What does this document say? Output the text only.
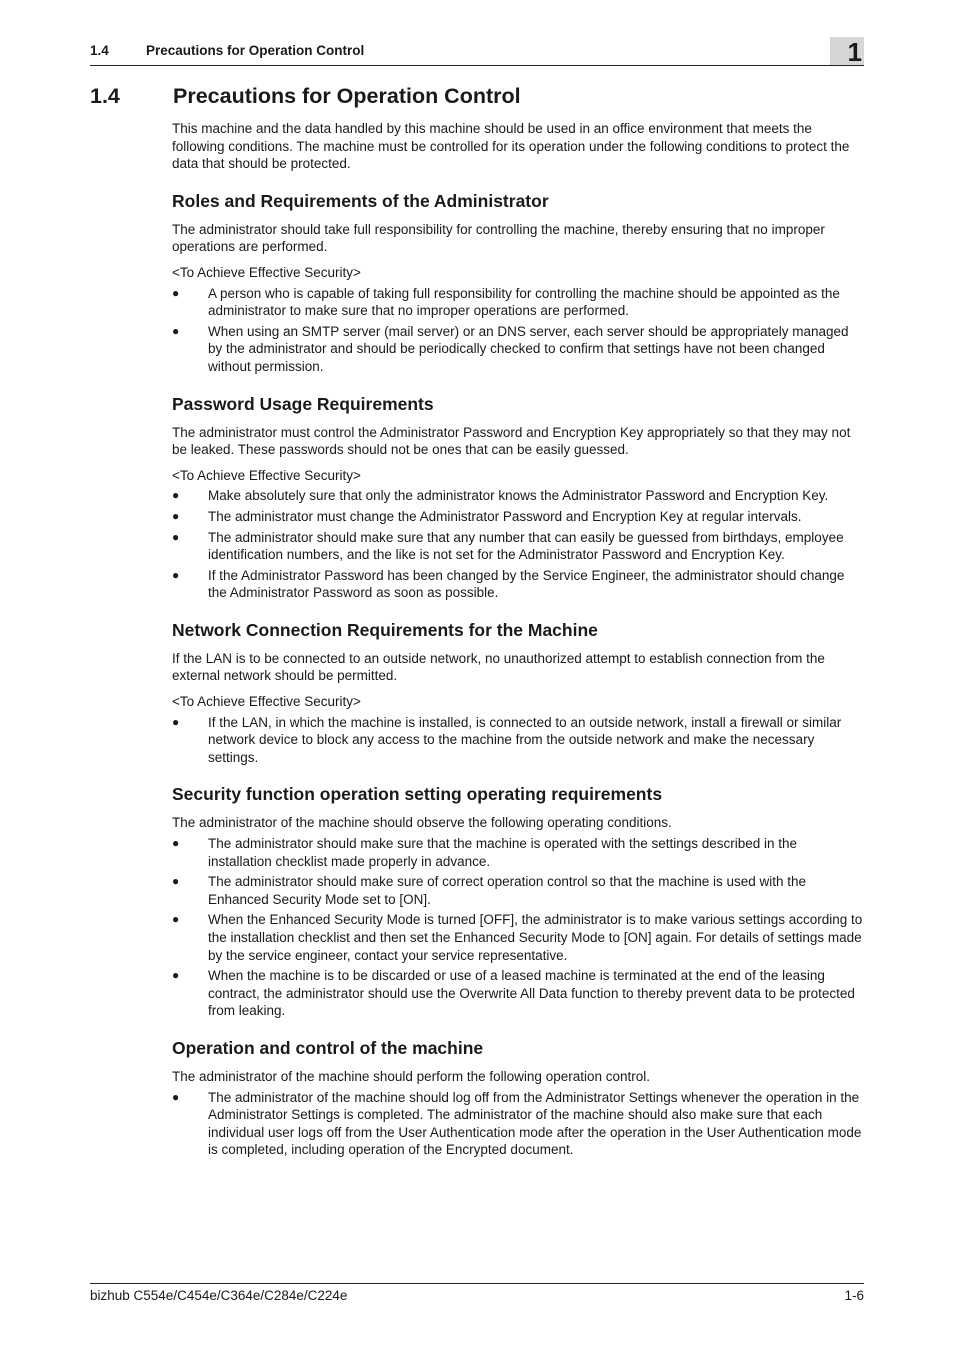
1.4	Precautions for Operation Control	1
1.4 Precautions for Operation Control

This machine and the data handled by this machine should be used in an office environment that meets the following conditions. The machine must be controlled for its operation under the following conditions to protect the data that should be protected.

Roles and Requirements of the Administrator

The administrator should take full responsibility for controlling the machine, thereby ensuring that no improper operations are performed.

<To Achieve Effective Security>

● A person who is capable of taking full responsibility for controlling the machine should be appointed as the administrator to make sure that no improper operations are performed.
● When using an SMTP server (mail server) or an DNS server, each server should be appropriately managed by the administrator and should be periodically checked to confirm that settings have not been changed without permission.
Password Usage Requirements

The administrator must control the Administrator Password and Encryption Key appropriately so that they may not be leaked. These passwords should not be ones that can be easily guessed.

<To Achieve Effective Security>

● Make absolutely sure that only the administrator knows the Administrator Password and Encryption Key.
● The administrator must change the Administrator Password and Encryption Key at regular intervals.
● The administrator should make sure that any number that can easily be guessed from birthdays, employee identification numbers, and the like is not set for the Administrator Password and Encryption Key.
● If the Administrator Password has been changed by the Service Engineer, the administrator should change the Administrator Password as soon as possible.
Network Connection Requirements for the Machine

If the LAN is to be connected to an outside network, no unauthorized attempt to establish connection from the external network should be permitted.

<To Achieve Effective Security>

● If the LAN, in which the machine is installed, is connected to an outside network, install a firewall or similar network device to block any access to the machine from the outside network and make the necessary settings.
Security function operation setting operating requirements

The administrator of the machine should observe the following operating conditions.

● The administrator should make sure that the machine is operated with the settings described in the installation checklist made properly in advance.
● The administrator should make sure of correct operation control so that the machine is used with the Enhanced Security Mode set to [ON].
● When the Enhanced Security Mode is turned [OFF], the administrator is to make various settings according to the installation checklist and then set the Enhanced Security Mode to [ON] again. For details of settings made by the service engineer, contact your service representative.
● When the machine is to be discarded or use of a leased machine is terminated at the end of the leasing contract, the administrator should use the Overwrite All Data function to thereby prevent data to be protected from leaking.
Operation and control of the machine

The administrator of the machine should perform the following operation control.

● The administrator of the machine should log off from the Administrator Settings whenever the operation in the Administrator Settings is completed. The administrator of the machine should also make sure that each individual user logs off from the User Authentication mode after the operation in the User Authentication mode is completed, including operation of the Encrypted document.
bizhub C554e/C454e/C364e/C284e/C224e	1-6
